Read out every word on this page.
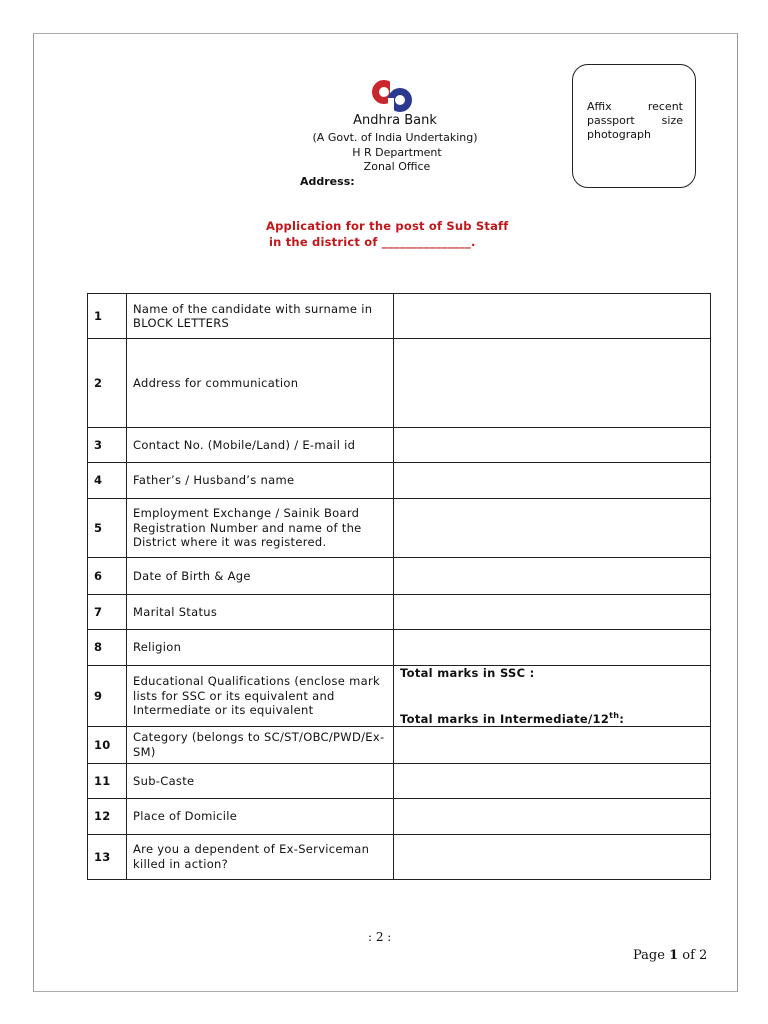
Andhra Bank
(A Govt. of India Undertaking)
H R Department
Zonal Office
Address:
Affix recent passport size photograph
Application for the post of Sub Staff
in the district of _______________.
1	Name of the candidate with surname in BLOCK LETTERS	
2	Address for communication	
3	Contact No. (Mobile/Land) / E-mail id	
4	Father’s / Husband’s name	
5	Employment Exchange / Sainik Board Registration Number and name of the District where it was registered.	
6	Date of Birth & Age	
7	Marital Status	
8	Religion	
9	Educational Qualifications (enclose mark lists for SSC or its equivalent and Intermediate or its equivalent	Total marks in SSC :
Total marks in Intermediate/12th:

10	Category (belongs to SC/ST/OBC/PWD/Ex-SM)	
11	Sub-Caste	
12	Place of Domicile	
13	Are you a dependent of Ex-Serviceman killed in action?	
: 2 :
Page 1 of 2
